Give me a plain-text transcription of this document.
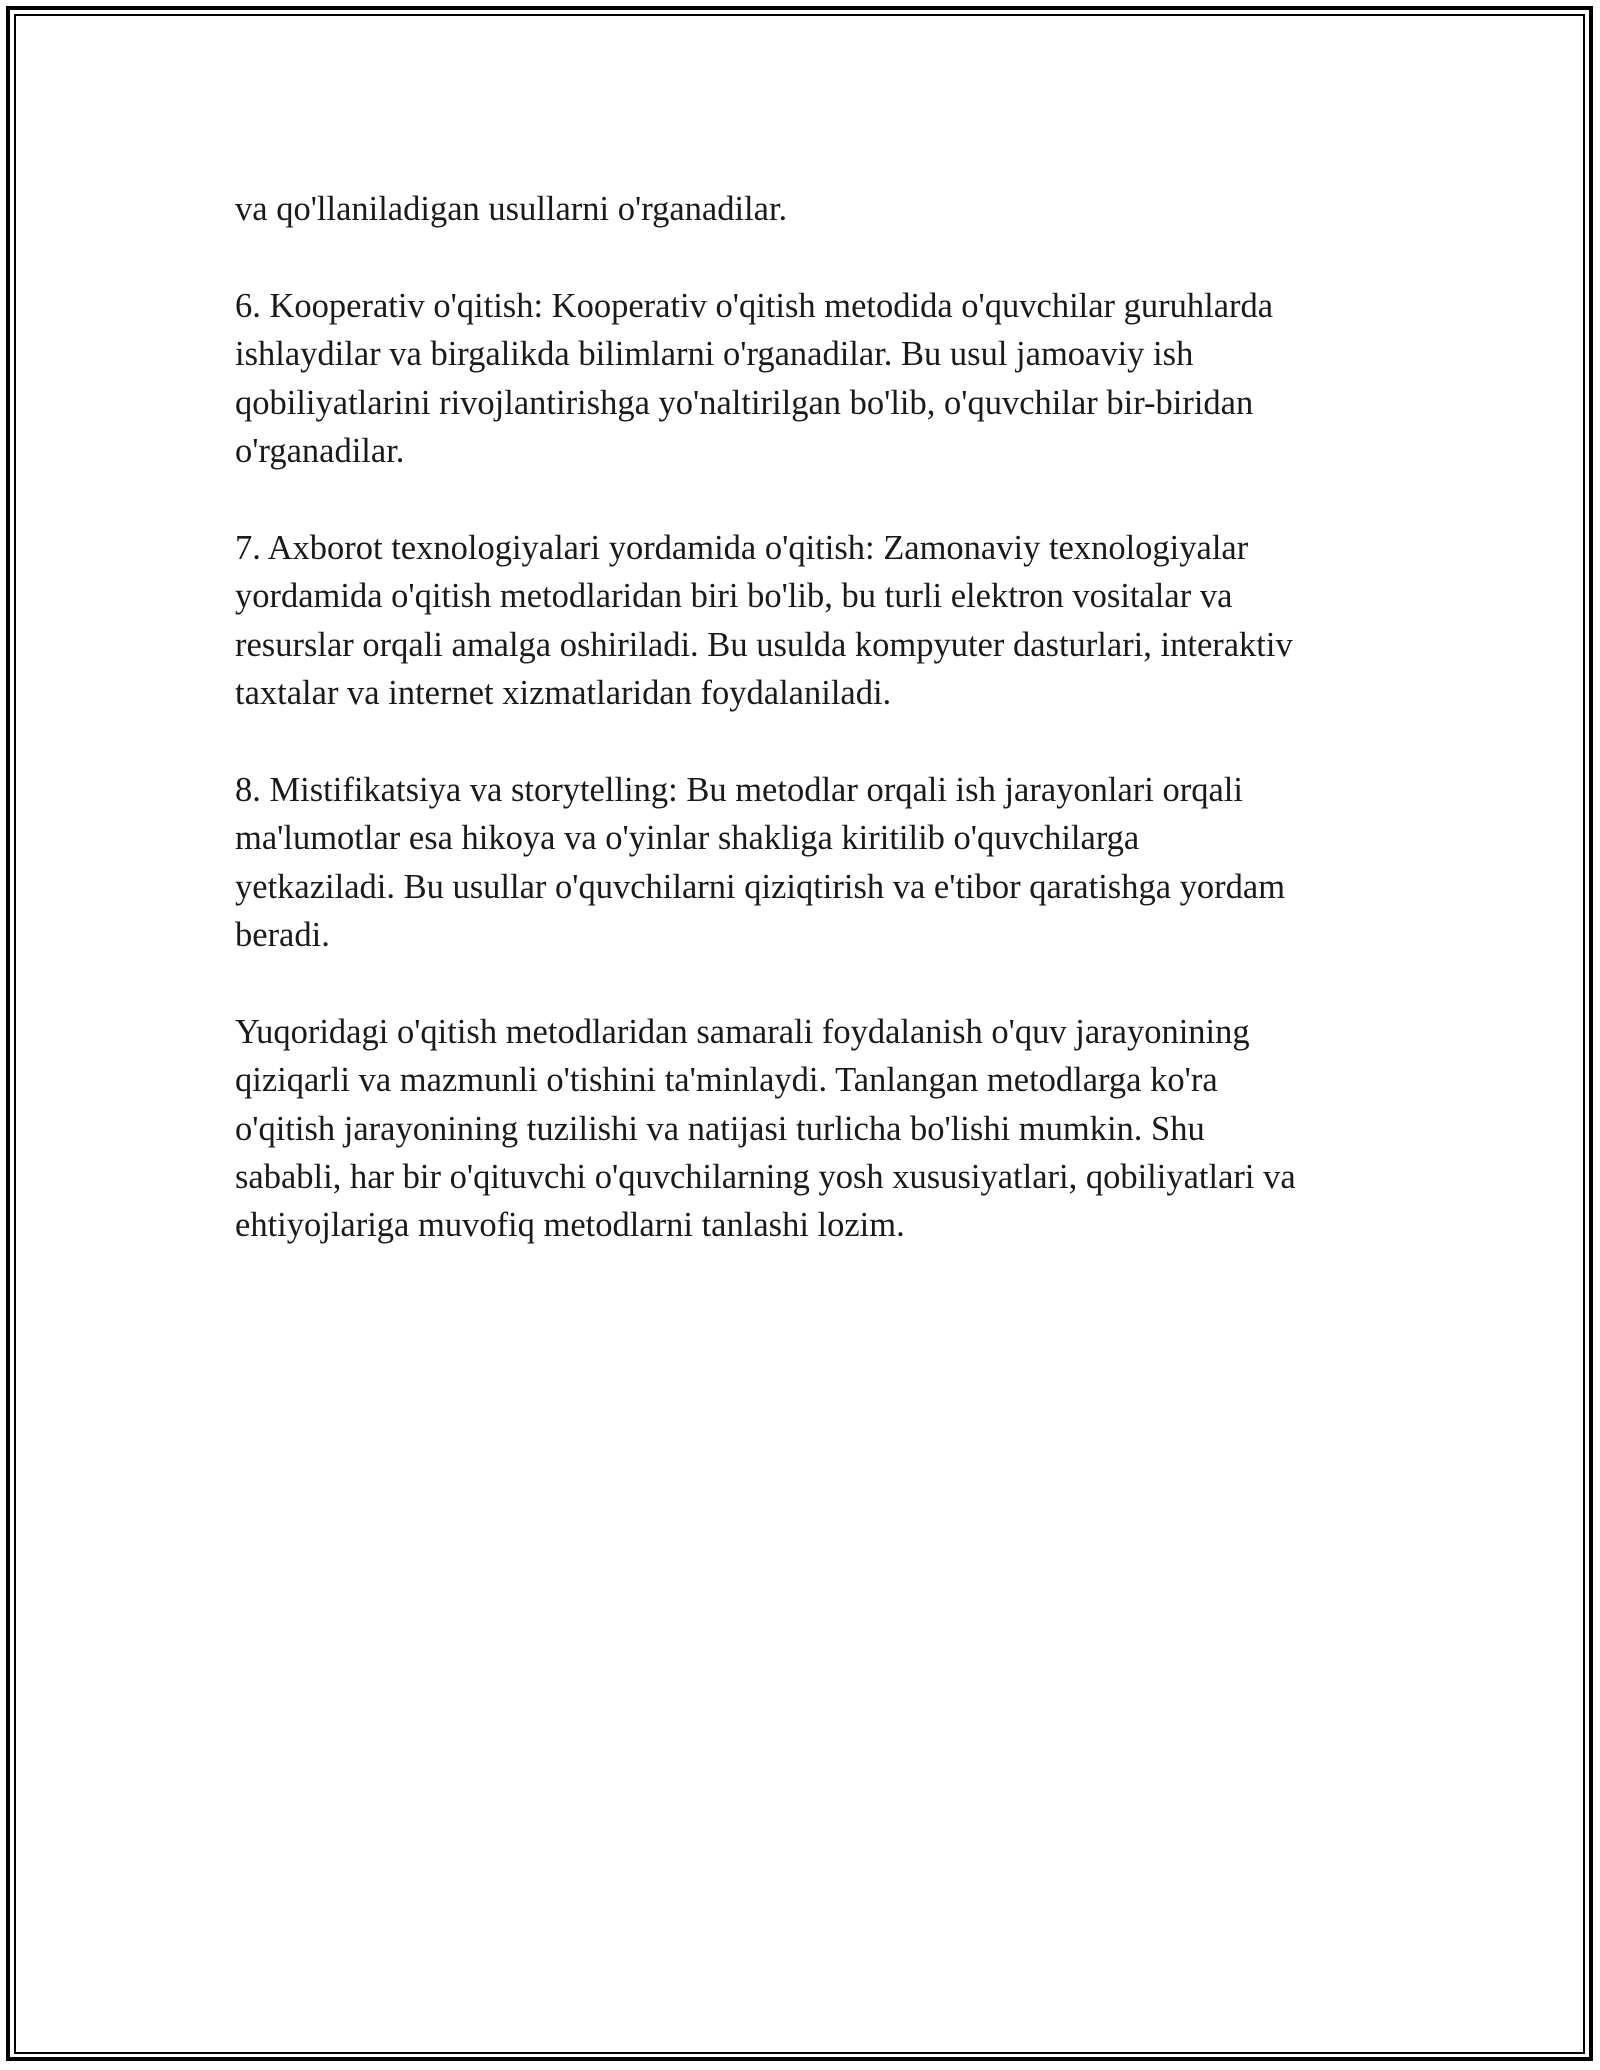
va qo'llaniladigan usullarni o'rganadilar.

6. Kooperativ o'qitish: Kooperativ o'qitish metodida o'quvchilar guruhlarda
ishlaydilar va birgalikda bilimlarni o'rganadilar. Bu usul jamoaviy ish
qobiliyatlarini rivojlantirishga yo'naltirilgan bo'lib, o'quvchilar bir-biridan
o'rganadilar.

7. Axborot texnologiyalari yordamida o'qitish: Zamonaviy texnologiyalar
yordamida o'qitish metodlaridan biri bo'lib, bu turli elektron vositalar va
resurslar orqali amalga oshiriladi. Bu usulda kompyuter dasturlari, interaktiv
taxtalar va internet xizmatlaridan foydalaniladi.

8. Mistifikatsiya va storytelling: Bu metodlar orqali ish jarayonlari orqali
ma'lumotlar esa hikoya va o'yinlar shakliga kiritilib o'quvchilarga
yetkaziladi. Bu usullar o'quvchilarni qiziqtirish va e'tibor qaratishga yordam
beradi.

Yuqoridagi o'qitish metodlaridan samarali foydalanish o'quv jarayonining
qiziqarli va mazmunli o'tishini ta'minlaydi. Tanlangan metodlarga ko'ra
o'qitish jarayonining tuzilishi va natijasi turlicha bo'lishi mumkin. Shu
sababli, har bir o'qituvchi o'quvchilarning yosh xususiyatlari, qobiliyatlari va
ehtiyojlariga muvofiq metodlarni tanlashi lozim.
